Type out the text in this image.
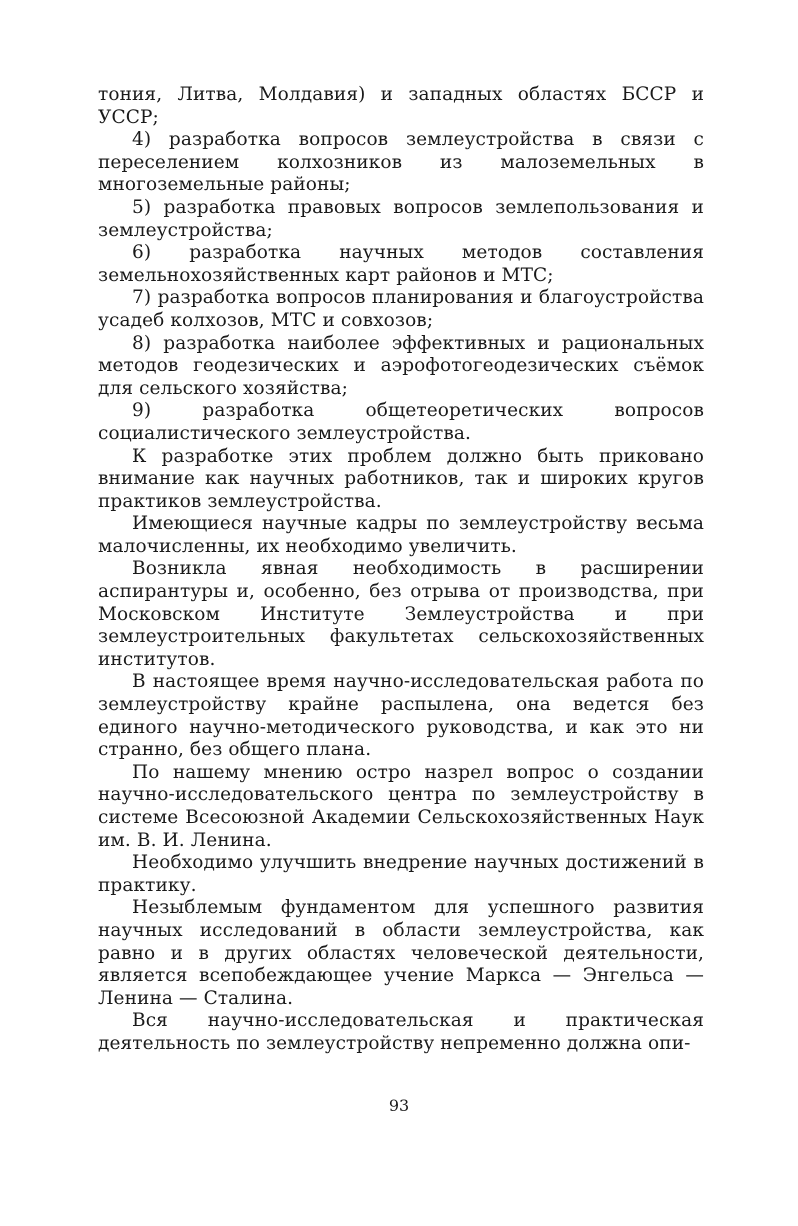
тония, Литва, Молдавия) и западных областях БССР и УССР;

4) разработка вопросов землеустройства в связи с переселением колхозников из малоземельных в многоземельные районы;

5) разработка правовых вопросов землепользования и землеустройства;

6) разработка научных методов составления земельнохозяйственных карт районов и МТС;

7) разработка вопросов планирования и благоустройства усадеб колхозов, МТС и совхозов;

8) разработка наиболее эффективных и рациональных методов геодезических и аэрофотогеодезических съёмок для сельского хозяйства;

9) разработка общетеоретических вопросов социалистического землеустройства.

К разработке этих проблем должно быть приковано внимание как научных работников, так и широких кругов практиков землеустройства.

Имеющиеся научные кадры по землеустройству весьма малочисленны, их необходимо увеличить.

Возникла явная необходимость в расширении аспирантуры и, особенно, без отрыва от производства, при Московском Институте Землеустройства и при землеустроительных факультетах сельскохозяйственных институтов.

В настоящее время научно-исследовательская работа по землеустройству крайне распылена, она ведется без единого научно-методического руководства, и как это ни странно, без общего плана.

По нашему мнению остро назрел вопрос о создании научно-исследовательского центра по землеустройству в системе Всесоюзной Академии Сельскохозяйственных Наук им. В. И. Ленина.

Необходимо улучшить внедрение научных достижений в практику.

Незыблемым фундаментом для успешного развития научных исследований в области землеустройства, как равно и в других областях человеческой деятельности, является всепобеждающее учение Маркса — Энгельса — Ленина — Сталина.

Вся научно-исследовательская и практическая деятельность по землеустройству непременно должна опи-

93
